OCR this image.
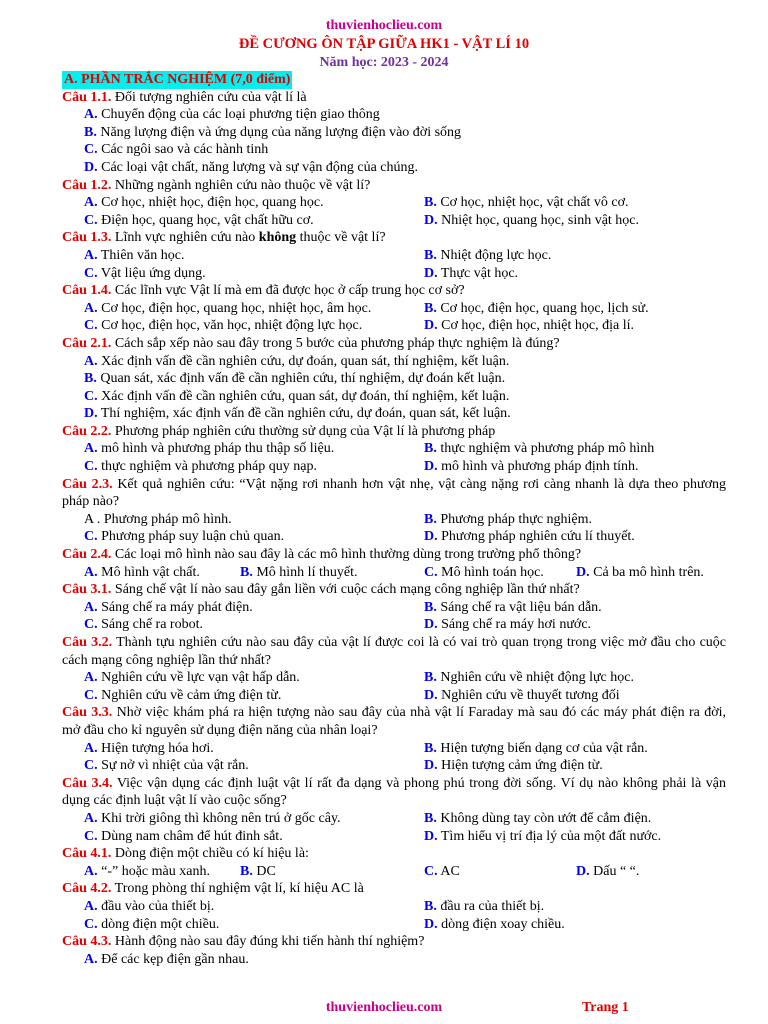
thuvienhoclieu.com
ĐỀ CƯƠNG ÔN TẬP GIỮA HK1 - VẬT LÍ 10
Năm học: 2023 - 2024
A. PHẦN TRẮC NGHIỆM (7,0 điểm)
Câu 1.1. Đối tượng nghiên cứu của vật lí là
A. Chuyển động của các loại phương tiện giao thông
B. Năng lượng điện và ứng dụng của năng lượng điện vào đời sống
C. Các ngôi sao và các hành tinh
D. Các loại vật chất, năng lượng và sự vận động của chúng.
Câu 1.2. Những ngành nghiên cứu nào thuộc về vật lí?
A. Cơ học, nhiệt học, điện học, quang học.	B. Cơ học, nhiệt học, vật chất vô cơ.
C. Điện học, quang học, vật chất hữu cơ.	D. Nhiệt học, quang học, sinh vật học.
Câu 1.3. Lĩnh vực nghiên cứu nào không thuộc về vật lí?
A. Thiên văn học.	B. Nhiệt động lực học.
C. Vật liệu ứng dụng.	D. Thực vật học.
Câu 1.4. Các lĩnh vực Vật lí mà em đã được học ở cấp trung học cơ sở?
A. Cơ học, điện học, quang học, nhiệt học, âm học.	B. Cơ học, điện học, quang học, lịch sử.
C. Cơ học, điện học, văn học, nhiệt động lực học.	D. Cơ học, điện học, nhiệt học, địa lí.
Câu 2.1. Cách sắp xếp nào sau đây trong 5 bước của phương pháp thực nghiệm là đúng?
A. Xác định vấn đề cần nghiên cứu, dự đoán, quan sát, thí nghiệm, kết luận.
B. Quan sát, xác định vấn đề cần nghiên cứu, thí nghiệm, dự đoán kết luận.
C. Xác định vấn đề cần nghiên cứu, quan sát, dự đoán, thí nghiệm, kết luận.
D. Thí nghiệm, xác định vấn đề cần nghiên cứu, dự đoán, quan sát, kết luận.
Câu 2.2. Phương pháp nghiên cứu thường sử dụng của Vật lí là phương pháp
A. mô hình và phương pháp thu thập số liệu.	B. thực nghiệm và phương pháp mô hình
C. thực nghiệm và phương pháp quy nạp.	D. mô hình và phương pháp định tính.
Câu 2.3. Kết quả nghiên cứu: “Vật nặng rơi nhanh hơn vật nhẹ, vật càng nặng rơi càng nhanh là dựa theo phương pháp nào?
A . Phương pháp mô hình.	B. Phương pháp thực nghiệm.
C. Phương pháp suy luận chủ quan.	D. Phương pháp nghiên cứu lí thuyết.
Câu 2.4. Các loại mô hình nào sau đây là các mô hình thường dùng trong trường phổ thông?
A. Mô hình vật chất.	B. Mô hình lí thuyết.	C. Mô hình toán học.	D. Cả ba mô hình trên.
Câu 3.1. Sáng chế vật lí nào sau đây gắn liền với cuộc cách mạng công nghiệp lần thứ nhất?
A. Sáng chế ra máy phát điện.	B. Sáng chế ra vật liệu bán dẫn.
C. Sáng chế ra robot.	D. Sáng chế ra máy hơi nước.
Câu 3.2. Thành tựu nghiên cứu nào sau đây của vật lí được coi là có vai trò quan trọng trong việc mở đầu cho cuộc cách mạng công nghiệp lần thứ nhất?
A. Nghiên cứu về lực vạn vật hấp dẫn.	B. Nghiên cứu về nhiệt động lực học.
C. Nghiên cứu về cảm ứng điện từ.	D. Nghiên cứu về thuyết tương đối
Câu 3.3. Nhờ việc khám phá ra hiện tượng nào sau đây của nhà vật lí Faraday mà sau đó các máy phát điện ra đời, mở đầu cho kỉ nguyên sử dụng điện năng của nhân loại?
A. Hiện tượng hóa hơi.	B. Hiện tượng biến dạng cơ của vật rắn.
C. Sự nở vì nhiệt của vật rắn.	D. Hiện tượng cảm ứng điện từ.
Câu 3.4. Việc vận dụng các định luật vật lí rất đa dạng và phong phú trong đời sống. Ví dụ nào không phải là vận dụng các định luật vật lí vào cuộc sống?
A. Khi trời giông thì không nên trú ở gốc cây.	B. Không dùng tay còn ướt để cắm điện.
C. Dùng nam châm để hút đinh sắt.	D. Tìm hiểu vị trí địa lý của một đất nước.
Câu 4.1. Dòng điện một chiều có kí hiệu là:
A. “-” hoặc màu xanh.	B. DC	C. AC	D. Dấu “ “.
Câu 4.2. Trong phòng thí nghiệm vật lí, kí hiệu AC là
A. đầu vào của thiết bị.	B. đầu ra của thiết bị.
C. dòng điện một chiều.	D. dòng điện xoay chiều.
Câu 4.3. Hành động nào sau đây đúng khi tiến hành thí nghiệm?
A. Để các kẹp điện gần nhau.
thuvienhoclieu.com	Trang 1
